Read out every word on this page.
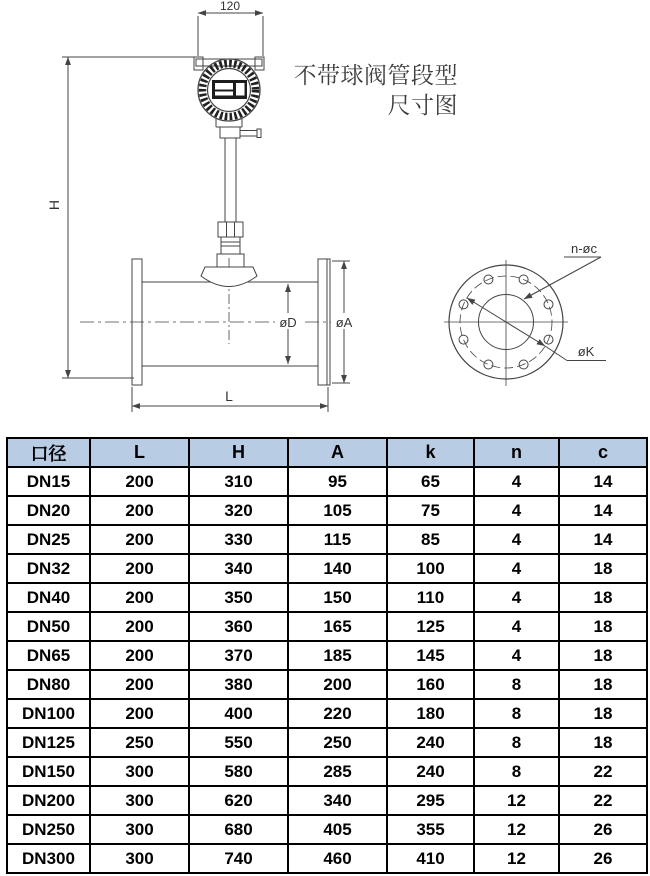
120
H
øD	øA
L
n-øc
øK
不带球阀管段型
尺寸图
口径	L	H	A	k	n	c
DN15	200	310	95	65	4	14
DN20	200	320	105	75	4	14
DN25	200	330	115	85	4	14
DN32	200	340	140	100	4	18
DN40	200	350	150	110	4	18
DN50	200	360	165	125	4	18
DN65	200	370	185	145	4	18
DN80	200	380	200	160	8	18
DN100	200	400	220	180	8	18
DN125	250	550	250	240	8	18
DN150	300	580	285	240	8	22
DN200	300	620	340	295	12	22
DN250	300	680	405	355	12	26
DN300	300	740	460	410	12	26
